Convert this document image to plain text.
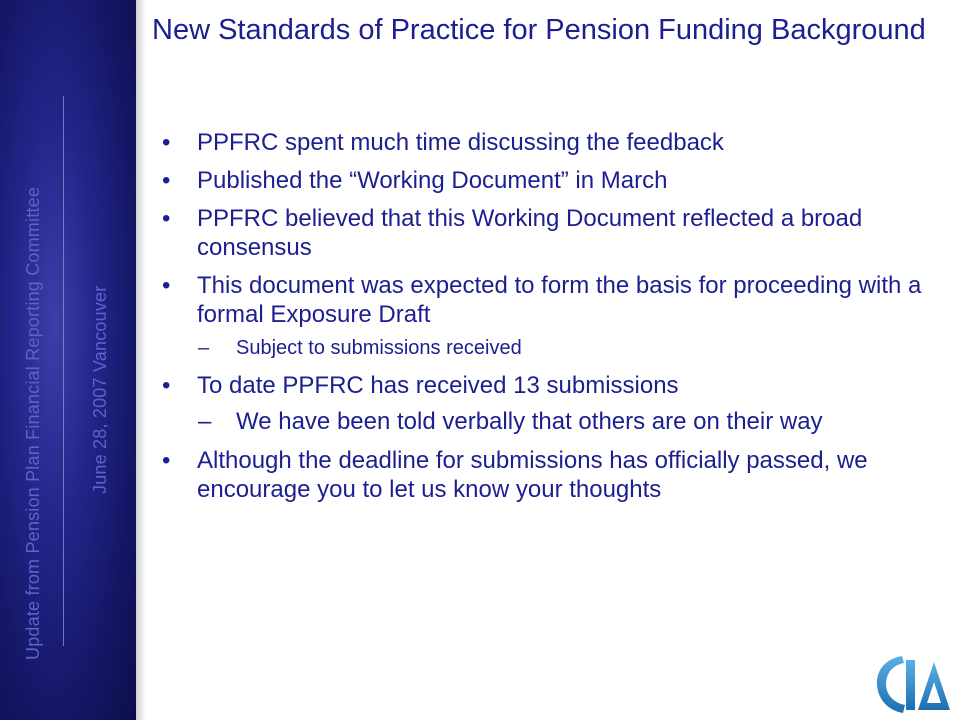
Update from Pension Plan Financial Reporting Committee	June 28, 2007 Vancouver
New Standards of Practice for Pension Funding Background
• PPFRC spent much time discussing the feedback
• Published the “Working Document” in March
• PPFRC believed that this Working Document reflected a broad consensus
• This document was expected to form the basis for proceeding with a formal Exposure Draft
– Subject to submissions received
• To date PPFRC has received 13 submissions
– We have been told verbally that others are on their way
• Although the deadline for submissions has officially passed, we encourage you to let us know your thoughts
